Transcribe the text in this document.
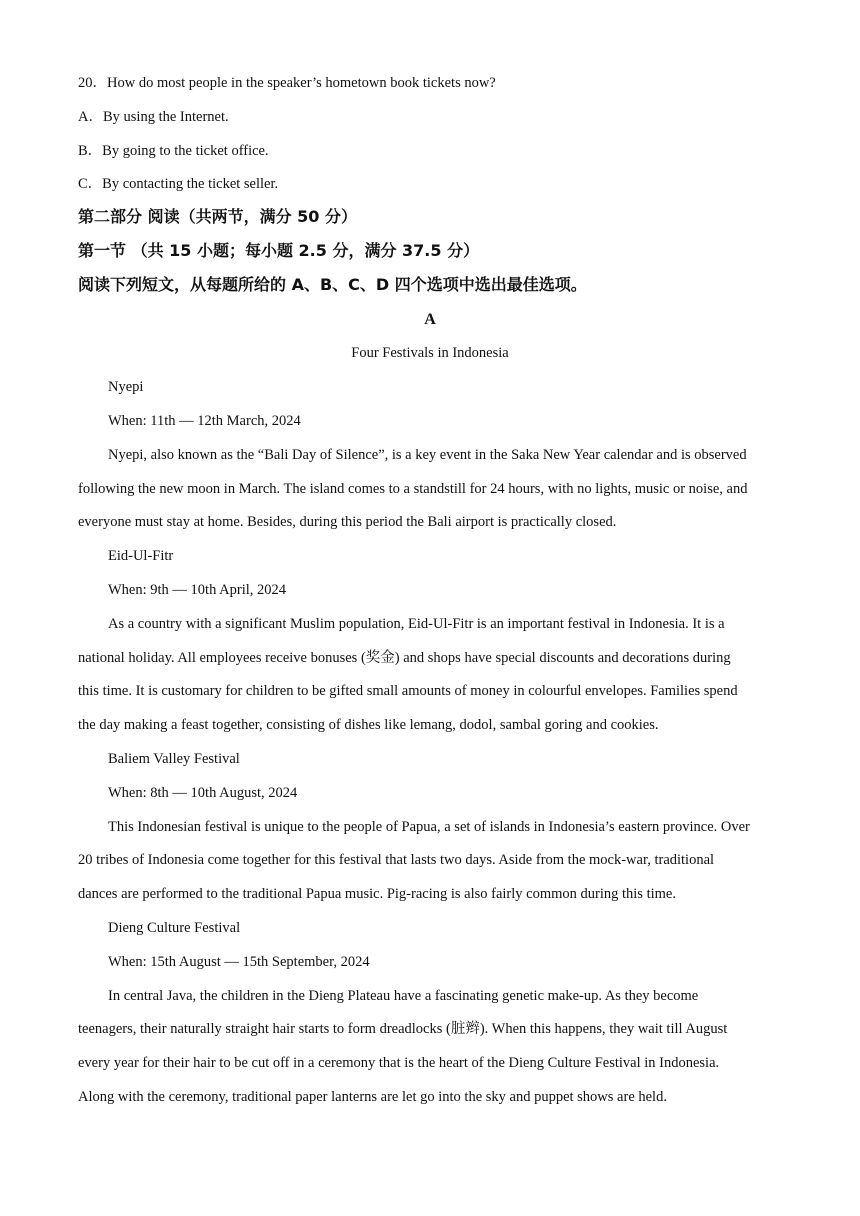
20．How do most people in the speaker’s hometown book tickets now?
A．By using the Internet.
B．By going to the ticket office.
C．By contacting the ticket seller.
第二部分 阅读（共两节，满分 50 分）
第一节 （共 15 小题；每小题 2.5 分，满分 37.5 分）
阅读下列短文，从每题所给的 A、B、C、D 四个选项中选出最佳选项。
A
Four Festivals in Indonesia
Nyepi
When: 11th — 12th March, 2024
Nyepi, also known as the “Bali Day of Silence”, is a key event in the Saka New Year calendar and is observed
following the new moon in March. The island comes to a standstill for 24 hours, with no lights, music or noise, and
everyone must stay at home. Besides, during this period the Bali airport is practically closed.
Eid-Ul-Fitr
When: 9th — 10th April, 2024
As a country with a significant Muslim population, Eid-Ul-Fitr is an important festival in Indonesia. It is a
national holiday. All employees receive bonuses (奖金) and shops have special discounts and decorations during
this time. It is customary for children to be gifted small amounts of money in colourful envelopes. Families spend
the day making a feast together, consisting of dishes like lemang, dodol, sambal goring and cookies.
Baliem Valley Festival
When: 8th — 10th August, 2024
This Indonesian festival is unique to the people of Papua, a set of islands in Indonesia’s eastern province. Over
20 tribes of Indonesia come together for this festival that lasts two days. Aside from the mock-war, traditional
dances are performed to the traditional Papua music. Pig-racing is also fairly common during this time.
Dieng Culture Festival
When: 15th August — 15th September, 2024
In central Java, the children in the Dieng Plateau have a fascinating genetic make-up. As they become
teenagers, their naturally straight hair starts to form dreadlocks (脏辫). When this happens, they wait till August
every year for their hair to be cut off in a ceremony that is the heart of the Dieng Culture Festival in Indonesia.
Along with the ceremony, traditional paper lanterns are let go into the sky and puppet shows are held.
